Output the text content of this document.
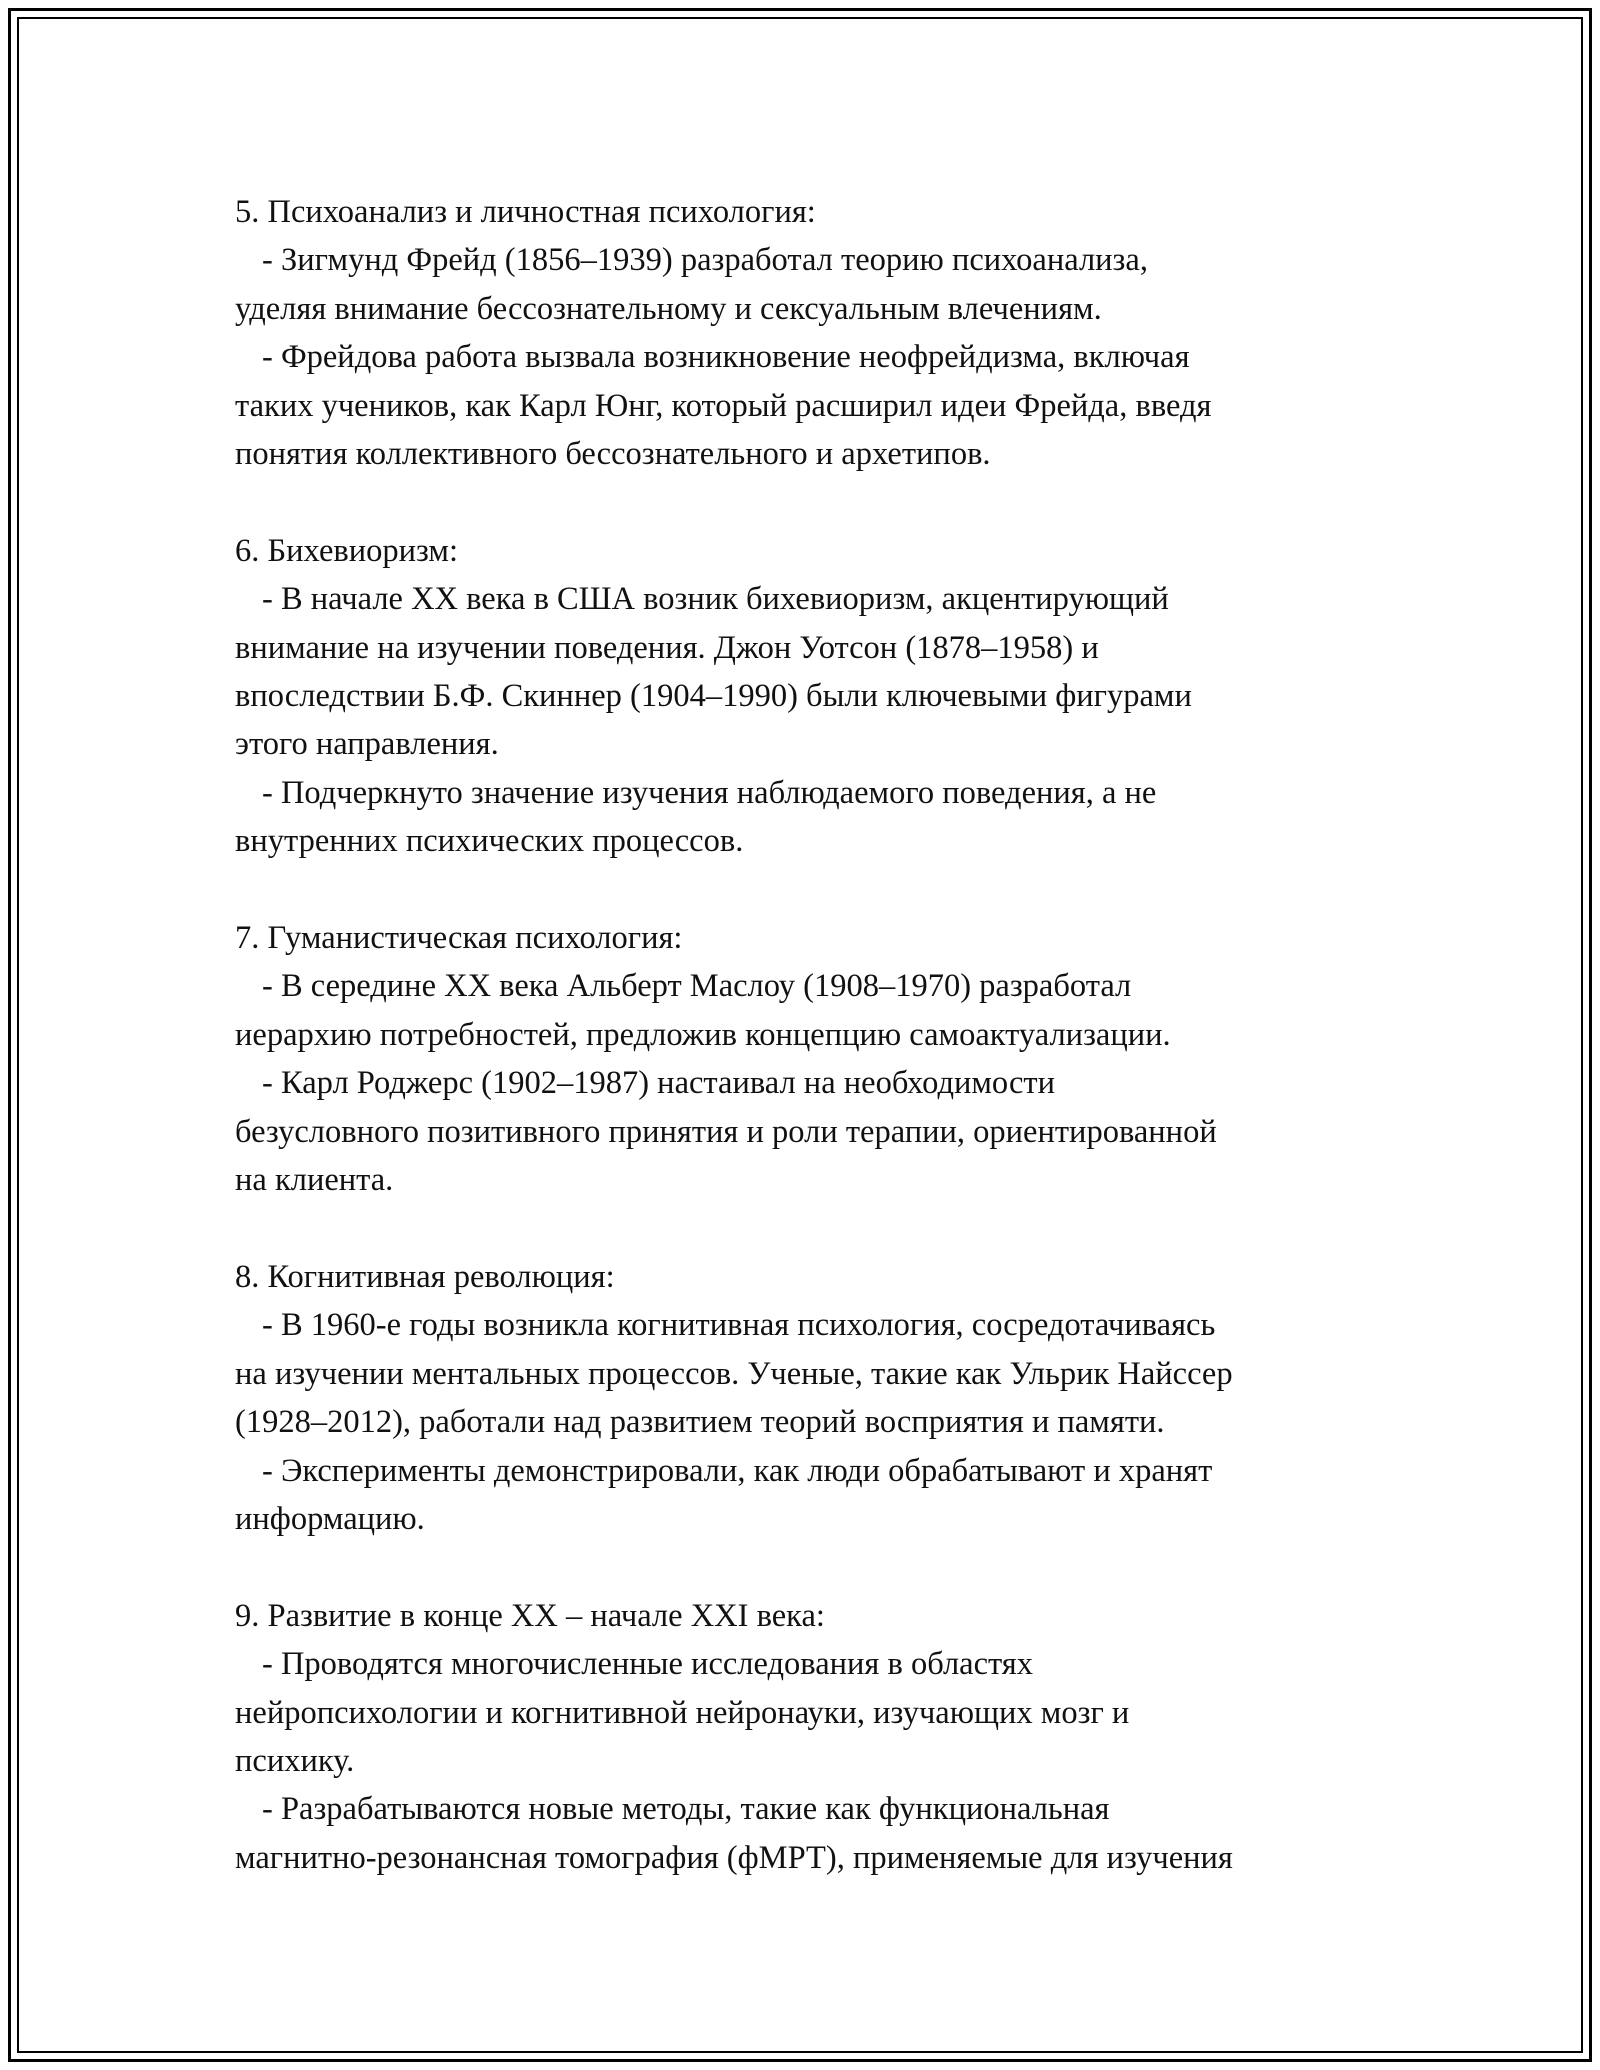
5. Психоанализ и личностная психология:
- Зигмунд Фрейд (1856–1939) разработал теорию психоанализа,
уделяя внимание бессознательному и сексуальным влечениям.
- Фрейдова работа вызвала возникновение неофрейдизма, включая
таких учеников, как Карл Юнг, который расширил идеи Фрейда, введя
понятия коллективного бессознательного и архетипов.
6. Бихевиоризм:
- В начале XX века в США возник бихевиоризм, акцентирующий
внимание на изучении поведения. Джон Уотсон (1878–1958) и
впоследствии Б.Ф. Скиннер (1904–1990) были ключевыми фигурами
этого направления.
- Подчеркнуто значение изучения наблюдаемого поведения, а не
внутренних психических процессов.
7. Гуманистическая психология:
- В середине XX века Альберт Маслоу (1908–1970) разработал
иерархию потребностей, предложив концепцию самоактуализации.
- Карл Роджерс (1902–1987) настаивал на необходимости
безусловного позитивного принятия и роли терапии, ориентированной
на клиента.
8. Когнитивная революция:
- В 1960-е годы возникла когнитивная психология, сосредотачиваясь
на изучении ментальных процессов. Ученые, такие как Ульрик Найссер
(1928–2012), работали над развитием теорий восприятия и памяти.
- Эксперименты демонстрировали, как люди обрабатывают и хранят
информацию.
9. Развитие в конце XX – начале XXI века:
- Проводятся многочисленные исследования в областях
нейропсихологии и когнитивной нейронауки, изучающих мозг и
психику.
- Разрабатываются новые методы, такие как функциональная
магнитно-резонансная томография (фМРТ), применяемые для изучения
